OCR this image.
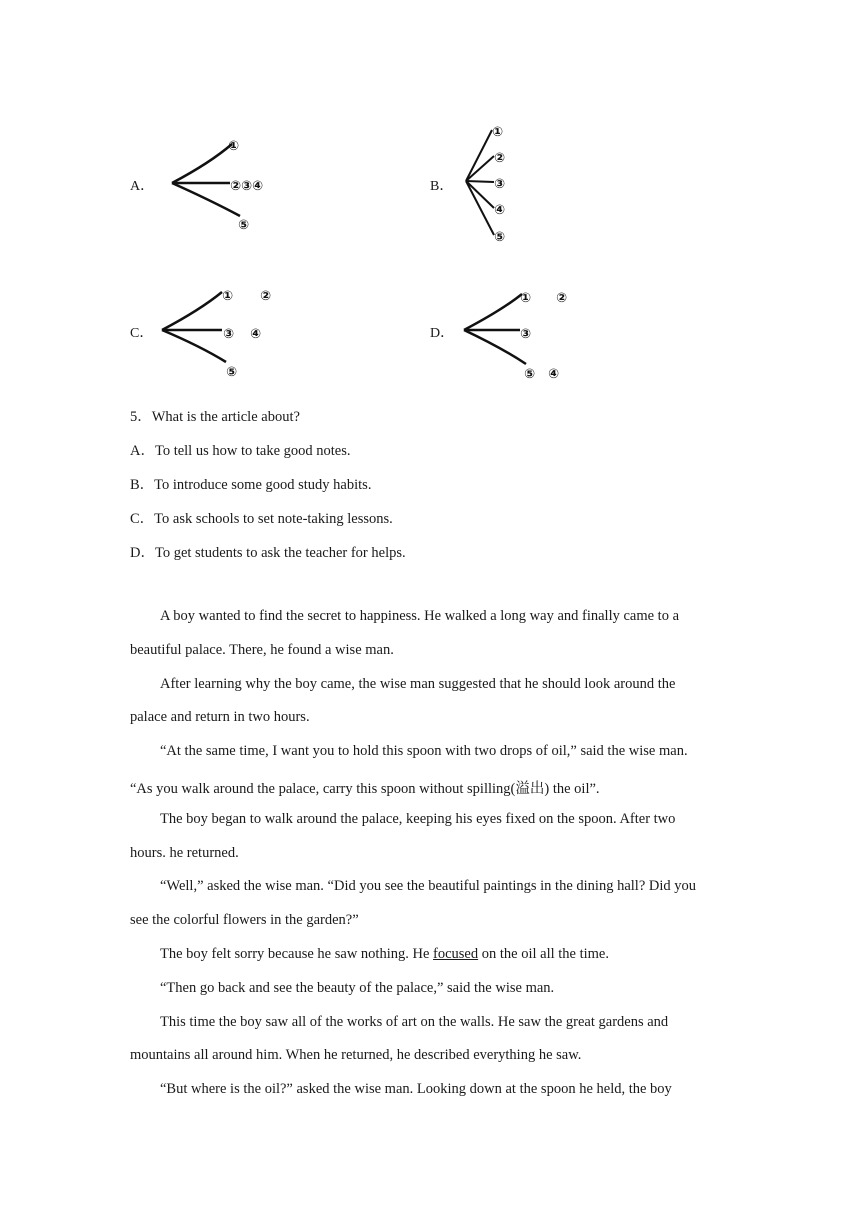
A．
①
②③④
⑤
B．
①
②
③
④
⑤
C．
① ②
③ ④
⑤
D．
① ②
③
⑤ ④
5．What is the article about?
A．To tell us how to take good notes.
B．To introduce some good study habits.
C．To ask schools to set note-taking lessons.
D．To get students to ask the teacher for helps.
A boy wanted to find the secret to happiness. He walked a long way and finally came to a
beautiful palace. There, he found a wise man.
After learning why the boy came, the wise man suggested that he should look around the
palace and return in two hours.
“At the same time, I want you to hold this spoon with two drops of oil,” said the wise man.
“As you walk around the palace, carry this spoon without spilling(溢出) the oil”.
The boy began to walk around the palace, keeping his eyes fixed on the spoon. After two
hours. he returned.
“Well,” asked the wise man. “Did you see the beautiful paintings in the dining hall? Did you
see the colorful flowers in the garden?”
The boy felt sorry because he saw nothing. He focused on the oil all the time.
“Then go back and see the beauty of the palace,” said the wise man.
This time the boy saw all of the works of art on the walls. He saw the great gardens and
mountains all around him. When he returned, he described everything he saw.
“But where is the oil?” asked the wise man. Looking down at the spoon he held, the boy
